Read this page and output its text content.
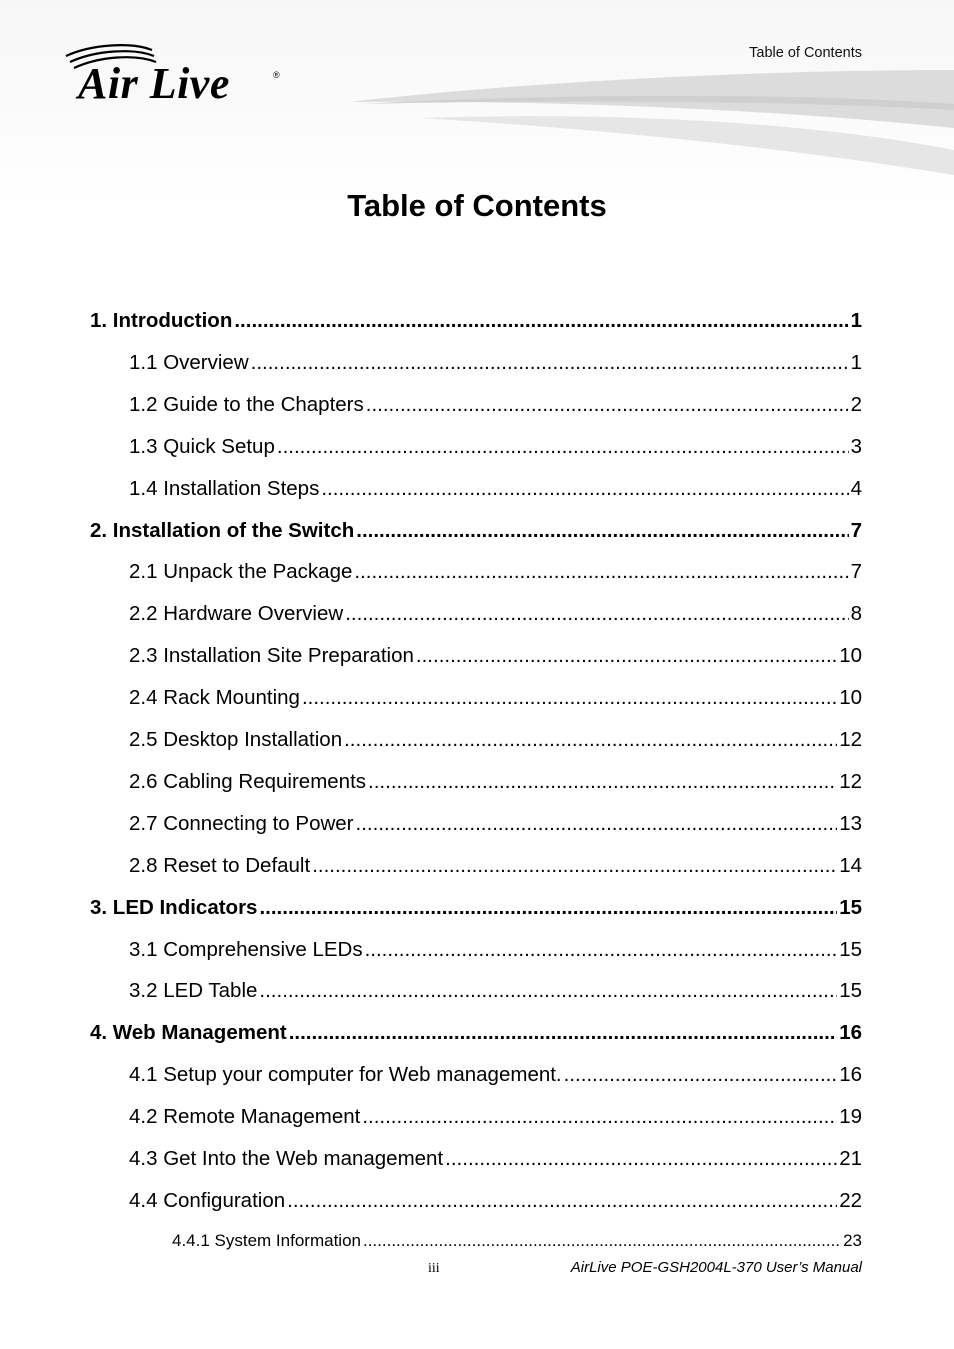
Table of Contents
Air Live	®
Table of Contents
1. Introduction .....	1
1.1 Overview .....	1
1.2 Guide to the Chapters .....	2
1.3 Quick Setup .....	3
1.4 Installation Steps .....	4
2. Installation of the Switch .....	7
2.1 Unpack the Package .....	7
2.2 Hardware Overview .....	8
2.3 Installation Site Preparation .....	10
2.4 Rack Mounting .....	10
2.5 Desktop Installation .....	12
2.6 Cabling Requirements .....	12
2.7 Connecting to Power .....	13
2.8 Reset to Default .....	14
3. LED Indicators .....	15
3.1 Comprehensive LEDs .....	15
3.2 LED Table .....	15
4. Web Management .....	16
4.1 Setup your computer for Web management. .....	16
4.2 Remote Management .....	19
4.3 Get Into the Web management .....	21
4.4 Configuration .....	22
4.4.1 System Information .....	23
iii	AirLive POE-GSH2004L-370 User’s Manual
